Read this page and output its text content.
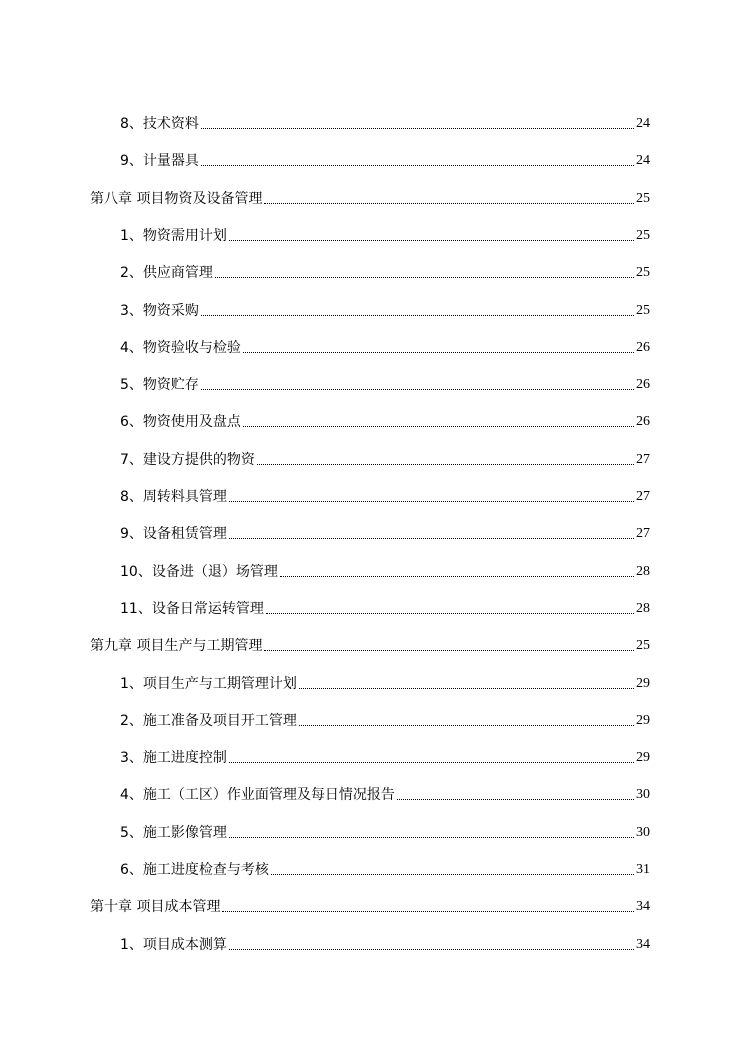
8、技术资料	24
9、计量器具	24
第八章 项目物资及设备管理	25
1、物资需用计划	25
2、供应商管理	25
3、物资采购	25
4、物资验收与检验	26
5、物资贮存	26
6、物资使用及盘点	26
7、建设方提供的物资	27
8、周转料具管理	27
9、设备租赁管理	27
10、设备进（退）场管理	28
11、设备日常运转管理	28
第九章 项目生产与工期管理	25
1、项目生产与工期管理计划	29
2、施工准备及项目开工管理	29
3、施工进度控制	29
4、施工（工区）作业面管理及每日情况报告	30
5、施工影像管理	30
6、施工进度检查与考核	31
第十章 项目成本管理	34
1、项目成本测算	34
